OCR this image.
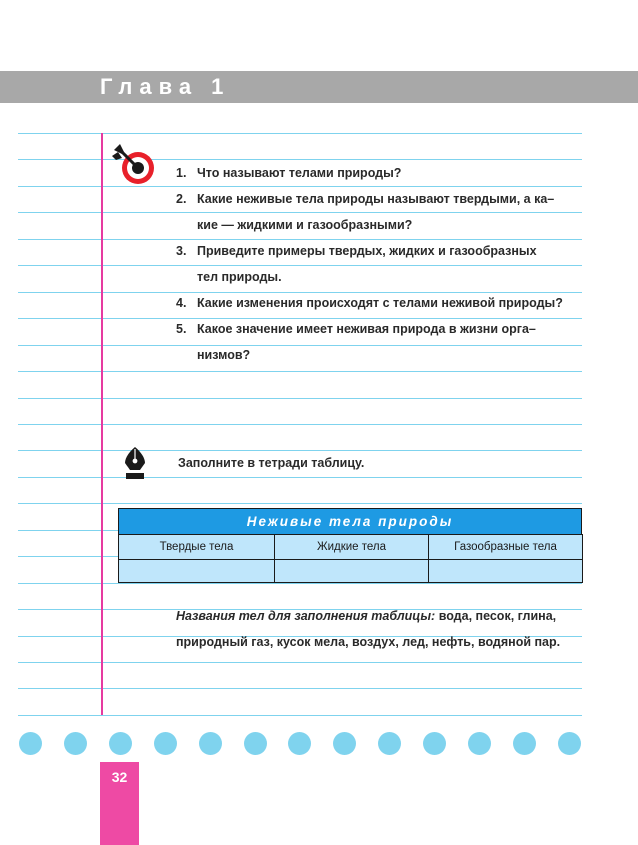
Глава 1
1. Что называют телами природы?
2. Какие неживые тела природы называют твердыми, а ка–
кие — жидкими и газообразными?
3. Приведите примеры твердых, жидких и газообразных
тел природы.
4. Какие изменения происходят с телами неживой природы?
5. Какое значение имеет неживая природа в жизни орга–
низмов?
Заполните в тетради таблицу.
Неживые тела природы
Твердые тела	Жидкие тела	Газообразные тела

Названия тел для заполнения таблицы: вода, песок, глина,
природный газ, кусок мела, воздух, лед, нефть, водяной пар.
32
